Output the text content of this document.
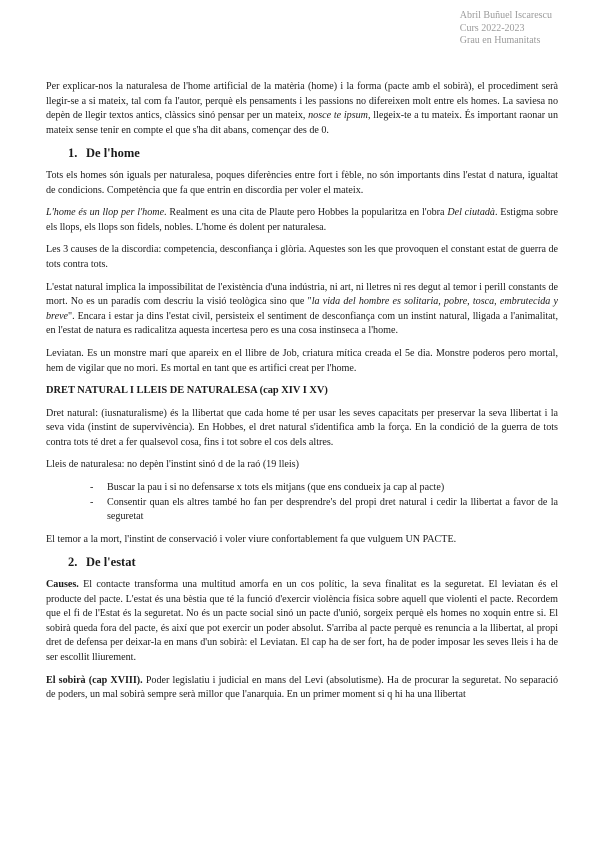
Abril Buñuel Iscarescu
Curs 2022-2023
Grau en Humanitats

Per explicar-nos la naturalesa de l'home artificial de la matèria (home) i la forma (pacte amb el sobirà), el procediment serà llegir-se a si mateix, tal com fa l'autor, perquè els pensaments i les passions no difereixen molt entre els homes. La saviesa no depèn de llegir textos antics, clàssics sinó pensar per un mateix, nosce te ipsum, llegeix-te a tu mateix. És important raonar un mateix sense tenir en compte el que s'ha dit abans, començar des de 0.

1. De l'home

Tots els homes són iguals per naturalesa, poques diferències entre fort i fèble, no són importants dins l'estat d natura, igualtat de condicions. Competència que fa que entrin en discordia per voler el mateix.

L'home és un llop per l'home. Realment es una cita de Plaute pero Hobbes la popularitza en l'obra Del ciutadà. Estigma sobre els llops, els llops son fidels, nobles. L'home és dolent per naturalesa.

Les 3 causes de la discordia: competencia, desconfiança i glòria. Aquestes son les que provoquen el constant estat de guerra de tots contra tots.

L'estat natural implica la impossibilitat de l'existència d'una indústria, ni art, ni lletres ni res degut al temor i perill constants de mort. No es un paradís com descriu la visió teològica sino que "la vida del hombre es solitaria, pobre, tosca, embrutecida y breve". Encara i estar ja dins l'estat civil, persisteix el sentiment de desconfiança com un instint natural, lligada a l'animalitat, en l'estat de natura es radicalitza aquesta incertesa pero es una cosa instinseca a l'home.

Leviatan. Es un monstre marí que apareix en el llibre de Job, criatura mítica creada el 5e dia. Monstre poderos pero mortal, hem de vigilar que no mori. Es mortal en tant que es artifici creat per l'home.

DRET NATURAL I LLEIS DE NATURALESA (cap XIV I XV)

Dret natural: (iusnaturalisme) és la llibertat que cada home té per usar les seves capacitats per preservar la seva llibertat i la seva vida (instint de supervivència). En Hobbes, el dret natural s'identifica amb la força. En la condició de la guerra de tots contra tots té dret a fer qualsevol cosa, fins i tot sobre el cos dels altres.

Lleis de naturalesa: no depèn l'instint sinó d de la raó (19 lleis)

- Buscar la pau i si no defensarse x tots els mitjans (que ens condueix ja cap al pacte)
- Consentir quan els altres també ho fan per desprendre's del propi dret natural i cedir la llibertat a favor de la seguretat

El temor a la mort, l'instint de conservació i voler viure confortablement fa que vulguem UN PACTE.

2. De l'estat

Causes. El contacte transforma una multitud amorfa en un cos polític, la seva finalitat es la seguretat. El leviatan és el producte del pacte. L'estat és una bèstia que té la funció d'exercir violència física sobre aquell que violenti el pacte. Recordem que el fi de l'Estat és la seguretat. No és un pacte social sinó un pacte d'unió, sorgeix perquè els homes no xoquin entre si. El sobirà queda fora del pacte, és així que pot exercir un poder absolut. S'arriba al pacte perquè es renuncia a la llibertat, al propi dret de defensa per deixar-la en mans d'un sobirà: el Leviatan. El cap ha de ser fort, ha de poder imposar les seves lleis i ha de ser escollit lliurement.

El sobirà (cap XVIII). Poder legislatiu i judicial en mans del Levi (absolutisme). Ha de procurar la seguretat. No separació de poders, un mal sobirà sempre serà millor que l'anarquia. En un primer moment si q hi ha una llibertat
